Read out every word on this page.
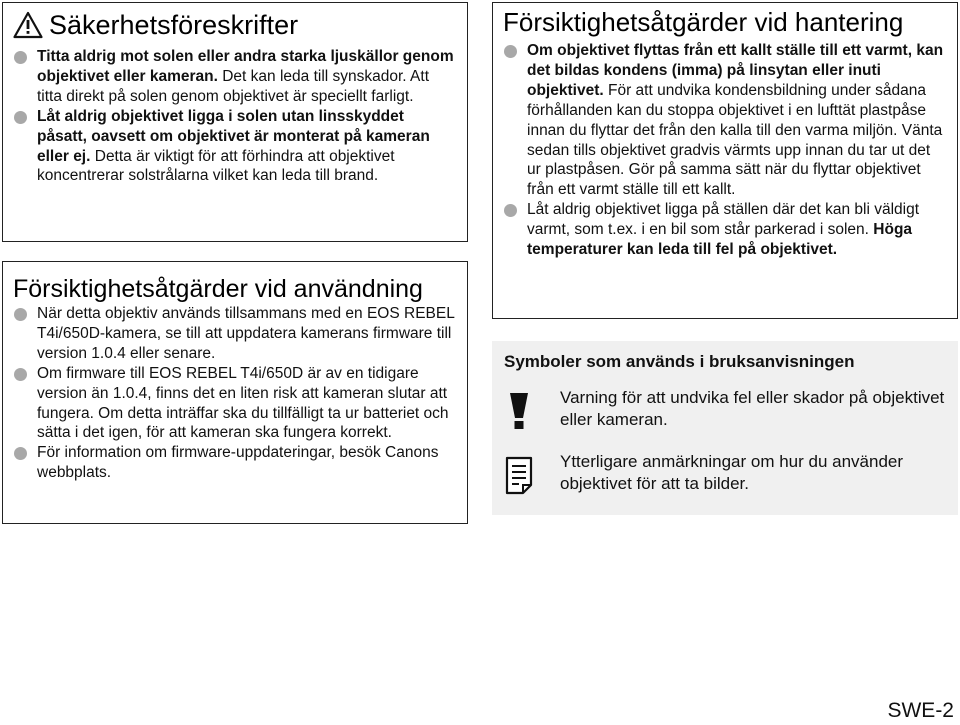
Säkerhetsföreskrifter
Titta aldrig mot solen eller andra starka ljuskällor genom objektivet eller kameran. Det kan leda till synskador. Att titta direkt på solen genom objektivet är speciellt farligt.
Låt aldrig objektivet ligga i solen utan linsskyddet påsatt, oavsett om objektivet är monterat på kameran eller ej. Detta är viktigt för att förhindra att objektivet koncentrerar solstrålarna vilket kan leda till brand.
Försiktighetsåtgärder vid användning
När detta objektiv används tillsammans med en EOS REBEL T4i/650D-kamera, se till att uppdatera kamerans firmware till version 1.0.4 eller senare.
Om firmware till EOS REBEL T4i/650D är av en tidigare version än 1.0.4, finns det en liten risk att kameran slutar att fungera. Om detta inträffar ska du tillfälligt ta ur batteriet och sätta i det igen, för att kameran ska fungera korrekt.
För information om firmware-uppdateringar, besök Canons webbplats.
Försiktighetsåtgärder vid hantering
Om objektivet flyttas från ett kallt ställe till ett varmt, kan det bildas kondens (imma) på linsytan eller inuti objektivet. För att undvika kondensbildning under sådana förhållanden kan du stoppa objektivet i en lufttät plastpåse innan du flyttar det från den kalla till den varma miljön. Vänta sedan tills objektivet gradvis värmts upp innan du tar ut det ur plastpåsen. Gör på samma sätt när du flyttar objektivet från ett varmt ställe till ett kallt.
Låt aldrig objektivet ligga på ställen där det kan bli väldigt varmt, som t.ex. i en bil som står parkerad i solen. Höga temperaturer kan leda till fel på objektivet.
Symboler som används i bruksanvisningen
Varning för att undvika fel eller skador på objektivet eller kameran.
Ytterligare anmärkningar om hur du använder objektivet för att ta bilder.
SWE-2
